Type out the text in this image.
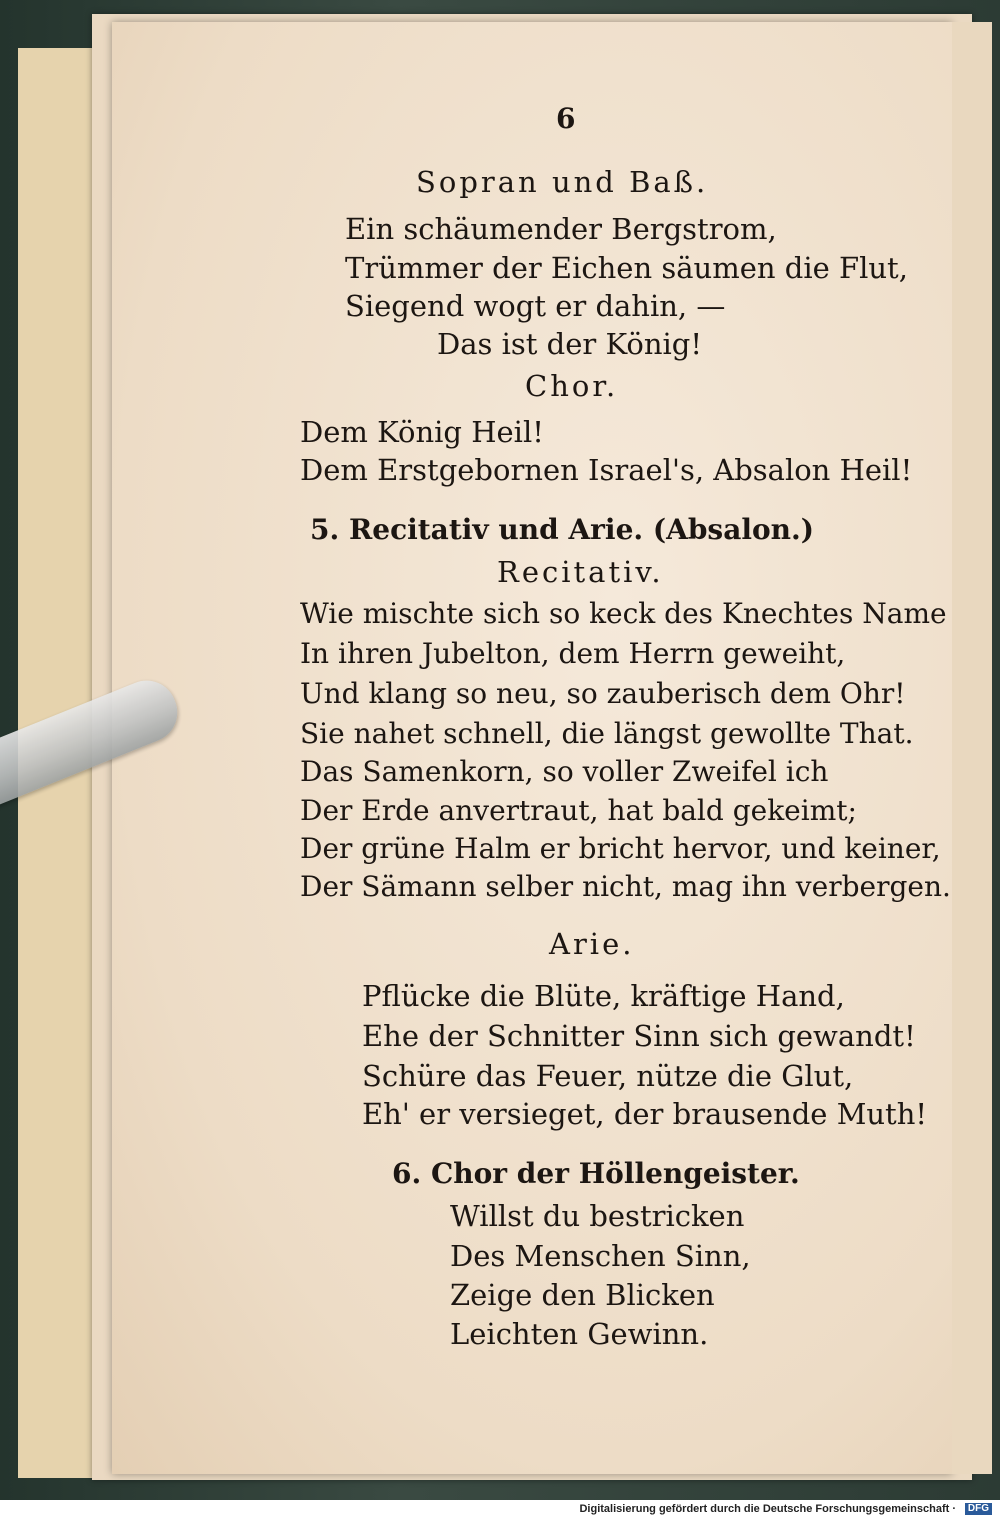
6
Sopran und Baß.
Ein schäumender Bergstrom,
Trümmer der Eichen säumen die Flut,
Siegend wogt er dahin, —
Das ist der König!
Chor.
Dem König Heil!
Dem Erstgebornen Israel's, Absalon Heil!
5. Recitativ und Arie. (Absalon.)
Recitativ.
Wie mischte sich so keck des Knechtes Name
In ihren Jubelton, dem Herrn geweiht,
Und klang so neu, so zauberisch dem Ohr!
Sie nahet schnell, die längst gewollte That.
Das Samenkorn, so voller Zweifel ich
Der Erde anvertraut, hat bald gekeimt;
Der grüne Halm er bricht hervor, und keiner,
Der Sämann selber nicht, mag ihn verbergen.
Arie.
Pflücke die Blüte, kräftige Hand,
Ehe der Schnitter Sinn sich gewandt!
Schüre das Feuer, nütze die Glut,
Eh' er versieget, der brausende Muth!
6. Chor der Höllengeister.
Willst du bestricken
Des Menschen Sinn,
Zeige den Blicken
Leichten Gewinn.
Digitalisierung gefördert durch die Deutsche Forschungsgemeinschaft ·	DFG
